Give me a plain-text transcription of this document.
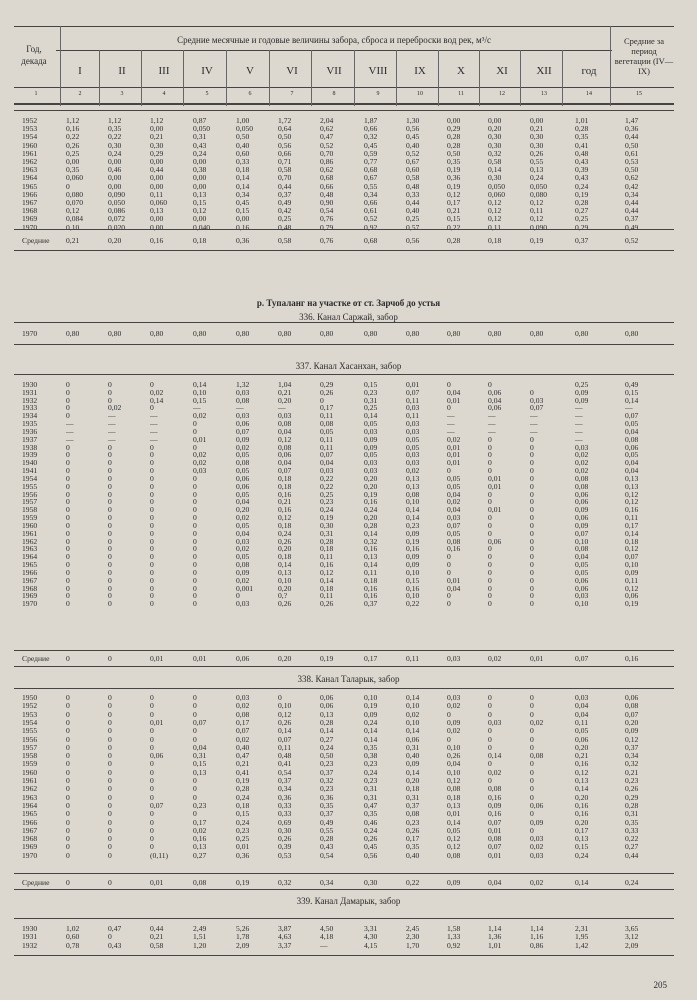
Год,
декада
Средние месячные и годовые величины забора, сброса и переброски вод рек, м³/с	Средние за период вегетации (IV—IX)
I	II	III	IV	V	VI	VII	VIII	IX	X	XI	XII	год
1	2	3	4	5	6	7	8	9	10	11	12	13	14	15
р. Тупаланг на участке от ст. Зарчоб до устья
336. Канал Саржай, забор
337. Канал Хасанхан, забор
338. Канал Таларык, забор
339. Канал Дамарык, забор
205
1952	1,12	1,12	1,12	0,87	1,00	1,72	2,04	1,87	1,30	0,00	0,00	0,00	1,01	1,47
1953	0,16	0,35	0,00	0,050	0,050	0,64	0,62	0,66	0,56	0,29	0,20	0,21	0,28	0,36
1954	0,22	0,22	0,21	0,31	0,50	0,50	0,47	0,32	0,45	0,28	0,30	0,30	0,35	0,44
1960	0,26	0,30	0,30	0,43	0,40	0,56	0,52	0,45	0,40	0,28	0,30	0,30	0,41	0,50
1961	0,25	0,24	0,29	0,24	0,60	0,66	0,70	0,59	0,52	0,50	0,32	0,26	0,48	0,61
1962	0,00	0,00	0,00	0,00	0,33	0,71	0,86	0,77	0,67	0,35	0,58	0,55	0,43	0,53
1963	0,35	0,46	0,44	0,38	0,18	0,58	0,62	0,68	0,60	0,19	0,14	0,13	0,39	0,50
1964	0,060	0,00	0,00	0,00	0,14	0,70	0,68	0,67	0,58	0,36	0,30	0,24	0,43	0,62
1965	0	0,00	0,00	0,00	0,14	0,44	0,66	0,55	0,48	0,19	0,050	0,050	0,24	0,42
1966	0,080	0,090	0,11	0,13	0,34	0,37	0,48	0,34	0,33	0,12	0,060	0,080	0,19	0,34
1967	0,070	0,050	0,060	0,15	0,45	0,49	0,90	0,66	0,44	0,17	0,12	0,12	0,28	0,44
1968	0,12	0,086	0,13	0,12	0,15	0,42	0,54	0,61	0,40	0,21	0,12	0,11	0,27	0,44
1969	0,084	0,072	0,00	0,00	0,00	0,25	0,76	0,52	0,25	0,15	0,12	0,12	0,25	0,37
1970	0,10	0,020	0,00	0,040	0,16	0,48	0,79	0,92	0,57	0,22	0,11	0,090	0,29	0,49
Средние 0,21	0,20	0,16	0,18	0,36	0,58	0,76	0,68	0,56	0,28	0,18	0,19	0,37	0,52
1970	0,80	0,80	0,80	0,80	0,80	0,80	0,80	0,80	0,80	0,80	0,80	0,80	0,80	0,80
1930	0	0	0	0,14	1,32	1,04	0,29	0,15	0,01	0	0	0,25	0,49
1931	0	0	0,02	0,10	0,03	0,21	0,26	0,23	0,07	0,04	0,06	0	0,09	0,15
1932	0	0	0,14	0,15	0,08	0,20	0	0,31	0,11	0,01	0,04	0,03	0,09	0,14
1933	0	0,02	0	—	—	—	0,17	0,25	0,03	0	0,06	0,07	—	—
1934	0	—	—	0,02	0,03	0,03	0,11	0,14	0,11	—	—	—	—	0,07
1935	—	—	—	0	0,06	0,08	0,08	0,05	0,03	—	—	—	—	0,05
1936	—	—	—	0	0,07	0,04	0,05	0,03	0,03	—	—	—	—	0,04
1937	—	—	—	0,01	0,09	0,12	0,11	0,09	0,05	0,02	0	0	—	0,08
1938	0	0	0	0	0,02	0,08	0,11	0,09	0,05	0,01	0	0	0,03	0,06
1939	0	0	0	0,02	0,05	0,06	0,07	0,05	0,03	0,01	0	0	0,02	0,05
1940	0	0	0	0,02	0,08	0,04	0,04	0,03	0,03	0,01	0	0	0,02	0,04
1941	0	0	0	0,03	0,05	0,07	0,03	0,03	0,02	0	0	0	0,02	0,04
1954	0	0	0	0	0,06	0,18	0,22	0,20	0,13	0,05	0,01	0	0,08	0,13
1955	0	0	0	0	0,06	0,18	0,22	0,20	0,13	0,05	0,01	0	0,08	0,13
1956	0	0	0	0	0,05	0,16	0,25	0,19	0,08	0,04	0	0	0,06	0,12
1957	0	0	0	0	0,04	0,21	0,23	0,16	0,10	0,02	0	0	0,06	0,12
1958	0	0	0	0	0,20	0,16	0,24	0,24	0,14	0,04	0,01	0	0,09	0,16
1959	0	0	0	0	0,02	0,12	0,19	0,20	0,14	0,03	0	0	0,06	0,11
1960	0	0	0	0	0,05	0,18	0,30	0,28	0,23	0,07	0	0	0,09	0,17
1961	0	0	0	0	0,04	0,24	0,31	0,14	0,09	0,05	0	0	0,07	0,14
1962	0	0	0	0	0,03	0,26	0,28	0,32	0,19	0,08	0,06	0	0,10	0,18
1963	0	0	0	0	0,02	0,20	0,18	0,16	0,16	0,16	0	0	0,08	0,12
1964	0	0	0	0	0,05	0,18	0,11	0,13	0,09	0	0	0	0,04	0,07
1965	0	0	0	0	0,08	0,14	0,16	0,14	0,09	0	0	0	0,05	0,10
1966	0	0	0	0	0,09	0,13	0,12	0,11	0,10	0	0	0	0,05	0,09
1967	0	0	0	0	0,02	0,10	0,14	0,18	0,15	0,01	0	0	0,06	0,11
1968	0	0	0	0	0,001	0,20	0,18	0,16	0,16	0,04	0	0	0,06	0,12
1969	0	0	0	0	0	0,?	0,11	0,16	0,10	0	0	0	0,03	0,06
1970	0	0	0	0	0,03	0,26	0,26	0,37	0,22	0	0	0	0,10	0,19
Средние 0	0	0,01	0,01	0,06	0,20	0,19	0,17	0,11	0,03	0,02	0,01	0,07	0,16
1950	0	0	0	0	0,03	0	0,06	0,10	0,14	0,03	0	0	0,03	0,06
1952	0	0	0	0	0,02	0,10	0,06	0,19	0,10	0,02	0	0	0,04	0,08
1953	0	0	0	0	0,08	0,12	0,13	0,09	0,02	0	0	0	0,04	0,07
1954	0	0	0,01	0,07	0,17	0,26	0,28	0,24	0,10	0,09	0,03	0,02	0,11	0,20
1955	0	0	0	0	0,07	0,14	0,14	0,14	0,14	0,02	0	0	0,05	0,09
1956	0	0	0	0	0,02	0,07	0,27	0,14	0,06	0	0	0	0,06	0,12
1957	0	0	0	0,04	0,40	0,11	0,24	0,35	0,31	0,10	0	0	0,20	0,37
1958	0	0	0,06	0,31	0,47	0,48	0,50	0,38	0,40	0,26	0,14	0,08	0,21	0,34
1959	0	0	0	0,15	0,21	0,41	0,23	0,23	0,09	0,04	0	0	0,16	0,32
1960	0	0	0	0,13	0,41	0,54	0,37	0,24	0,14	0,10	0,02	0	0,12	0,21
1961	0	0	0	0	0,19	0,37	0,32	0,23	0,20	0,12	0	0	0,13	0,23
1962	0	0	0	0	0,28	0,34	0,23	0,31	0,18	0,08	0,08	0	0,14	0,26
1963	0	0	0	0	0,24	0,36	0,36	0,31	0,31	0,18	0,16	0	0,20	0,29
1964	0	0	0,07	0,23	0,18	0,33	0,35	0,47	0,37	0,13	0,09	0,06	0,16	0,28
1965	0	0	0	0	0,15	0,33	0,37	0,35	0,08	0,01	0,16	0	0,16	0,31
1966	0	0	0	0,17	0,24	0,69	0,49	0,46	0,23	0,14	0,07	0,09	0,20	0,35
1967	0	0	0	0,02	0,23	0,30	0,55	0,24	0,26	0,05	0,01	0	0,17	0,33
1968	0	0	0	0,16	0,25	0,26	0,28	0,26	0,17	0,12	0,08	0,03	0,13	0,22
1969	0	0	0	0,13	0,01	0,39	0,43	0,45	0,35	0,12	0,07	0,02	0,15	0,27
1970	0	0	(0,11)	0,27	0,36	0,53	0,54	0,56	0,40	0,08	0,01	0,03	0,24	0,44
Средние 0	0	0,01	0,08	0,19	0,32	0,34	0,30	0,22	0,09	0,04	0,02	0,14	0,24
1930	1,02	0,47	0,44	2,49	5,26	3,87	4,50	3,31	2,45	1,58	1,14	1,14	2,31	3,65
1931	0,60	0	0,21	1,51	1,78	4,63	4,18	4,30	2,30	1,33	1,36	1,16	1,95	3,12
1932	0,78	0,43	0,58	1,20	2,09	3,37	—	4,15	1,70	0,92	1,01	0,86	1,42	2,09
